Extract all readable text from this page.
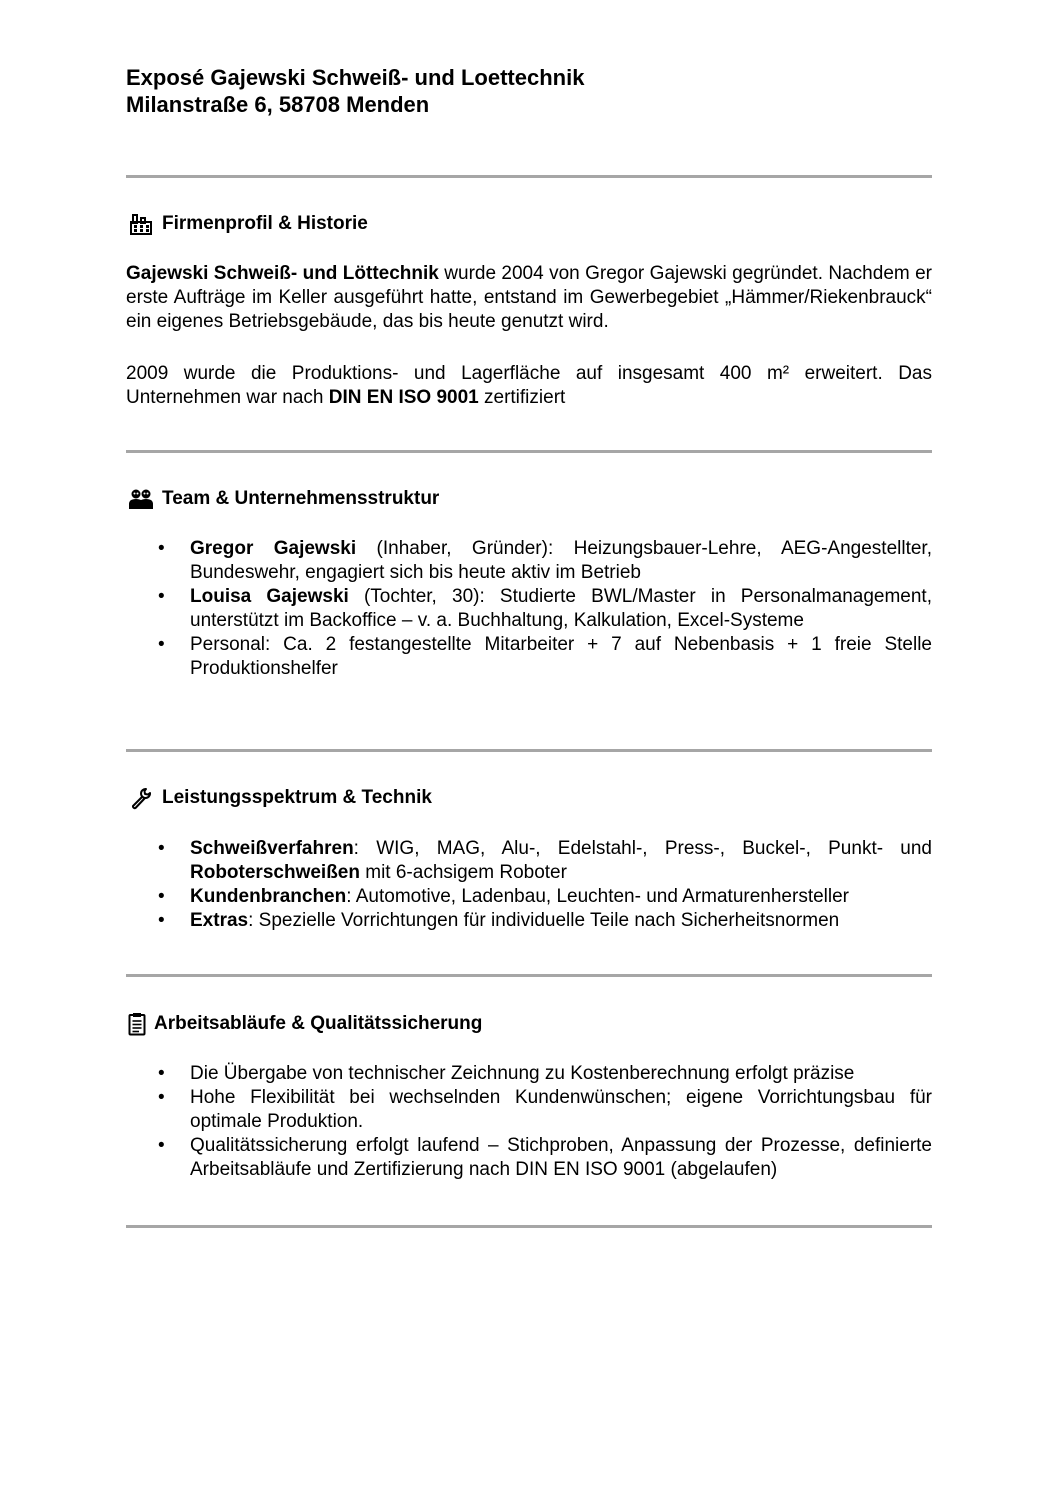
Exposé Gajewski Schweiß- und Loettechnik
Milanstraße 6, 58708 Menden
Firmenprofil & Historie
Gajewski Schweiß- und Löttechnik wurde 2004 von Gregor Gajewski gegründet. Nachdem er erste Aufträge im Keller ausgeführt hatte, entstand im Gewerbegebiet „Hämmer/Riekenbrauck“ ein eigenes Betriebsgebäude, das bis heute genutzt wird.
2009 wurde die Produktions- und Lagerfläche auf insgesamt 400 m² erweitert. Das Unternehmen war nach DIN EN ISO 9001 zertifiziert
Team & Unternehmensstruktur
• Gregor Gajewski (Inhaber, Gründer): Heizungsbauer-Lehre, AEG-Angestellter, Bundeswehr, engagiert sich bis heute aktiv im Betrieb
• Louisa Gajewski (Tochter, 30): Studierte BWL/Master in Personalmanagement, unterstützt im Backoffice – v. a. Buchhaltung, Kalkulation, Excel-Systeme
• Personal: Ca. 2 festangestellte Mitarbeiter + 7 auf Nebenbasis + 1 freie Stelle Produktionshelfer
Leistungsspektrum & Technik
• Schweißverfahren: WIG, MAG, Alu-, Edelstahl-, Press-, Buckel-, Punkt- und Roboterschweißen mit 6-achsigem Roboter
• Kundenbranchen: Automotive, Ladenbau, Leuchten- und Armaturenhersteller
• Extras: Spezielle Vorrichtungen für individuelle Teile nach Sicherheitsnormen
Arbeitsabläufe & Qualitätssicherung
• Die Übergabe von technischer Zeichnung zu Kostenberechnung erfolgt präzise
• Hohe Flexibilität bei wechselnden Kundenwünschen; eigene Vorrichtungsbau für optimale Produktion.
• Qualitätssicherung erfolgt laufend – Stichproben, Anpassung der Prozesse, definierte Arbeitsabläufe und Zertifizierung nach DIN EN ISO 9001 (abgelaufen)
